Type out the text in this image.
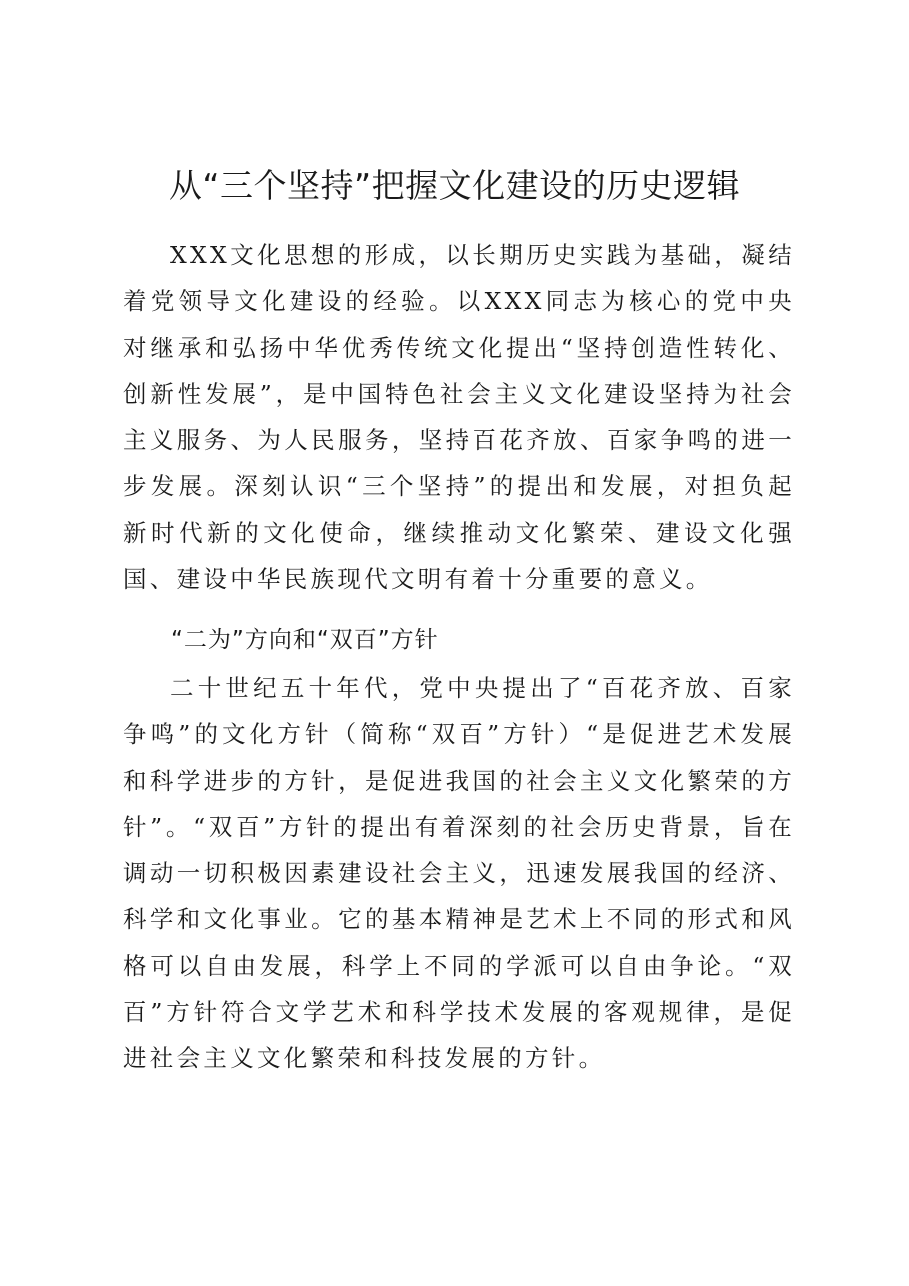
从“三个坚持”把握文化建设的历史逻辑

XXX文化思想的形成，以长期历史实践为基础，凝结着党领导文化建设的经验。以XXX同志为核心的党中央对继承和弘扬中华优秀传统文化提出“坚持创造性转化、创新性发展”，是中国特色社会主义文化建设坚持为社会主义服务、为人民服务，坚持百花齐放、百家争鸣的进一步发展。深刻认识“三个坚持”的提出和发展，对担负起新时代新的文化使命，继续推动文化繁荣、建设文化强国、建设中华民族现代文明有着十分重要的意义。

“二为”方向和“双百”方针

二十世纪五十年代，党中央提出了“百花齐放、百家争鸣”的文化方针（简称“双百”方针）“是促进艺术发展和科学进步的方针，是促进我国的社会主义文化繁荣的方针”。“双百”方针的提出有着深刻的社会历史背景，旨在调动一切积极因素建设社会主义，迅速发展我国的经济、科学和文化事业。它的基本精神是艺术上不同的形式和风格可以自由发展，科学上不同的学派可以自由争论。“双百”方针符合文学艺术和科学技术发展的客观规律，是促进社会主义文化繁荣和科技发展的方针。
